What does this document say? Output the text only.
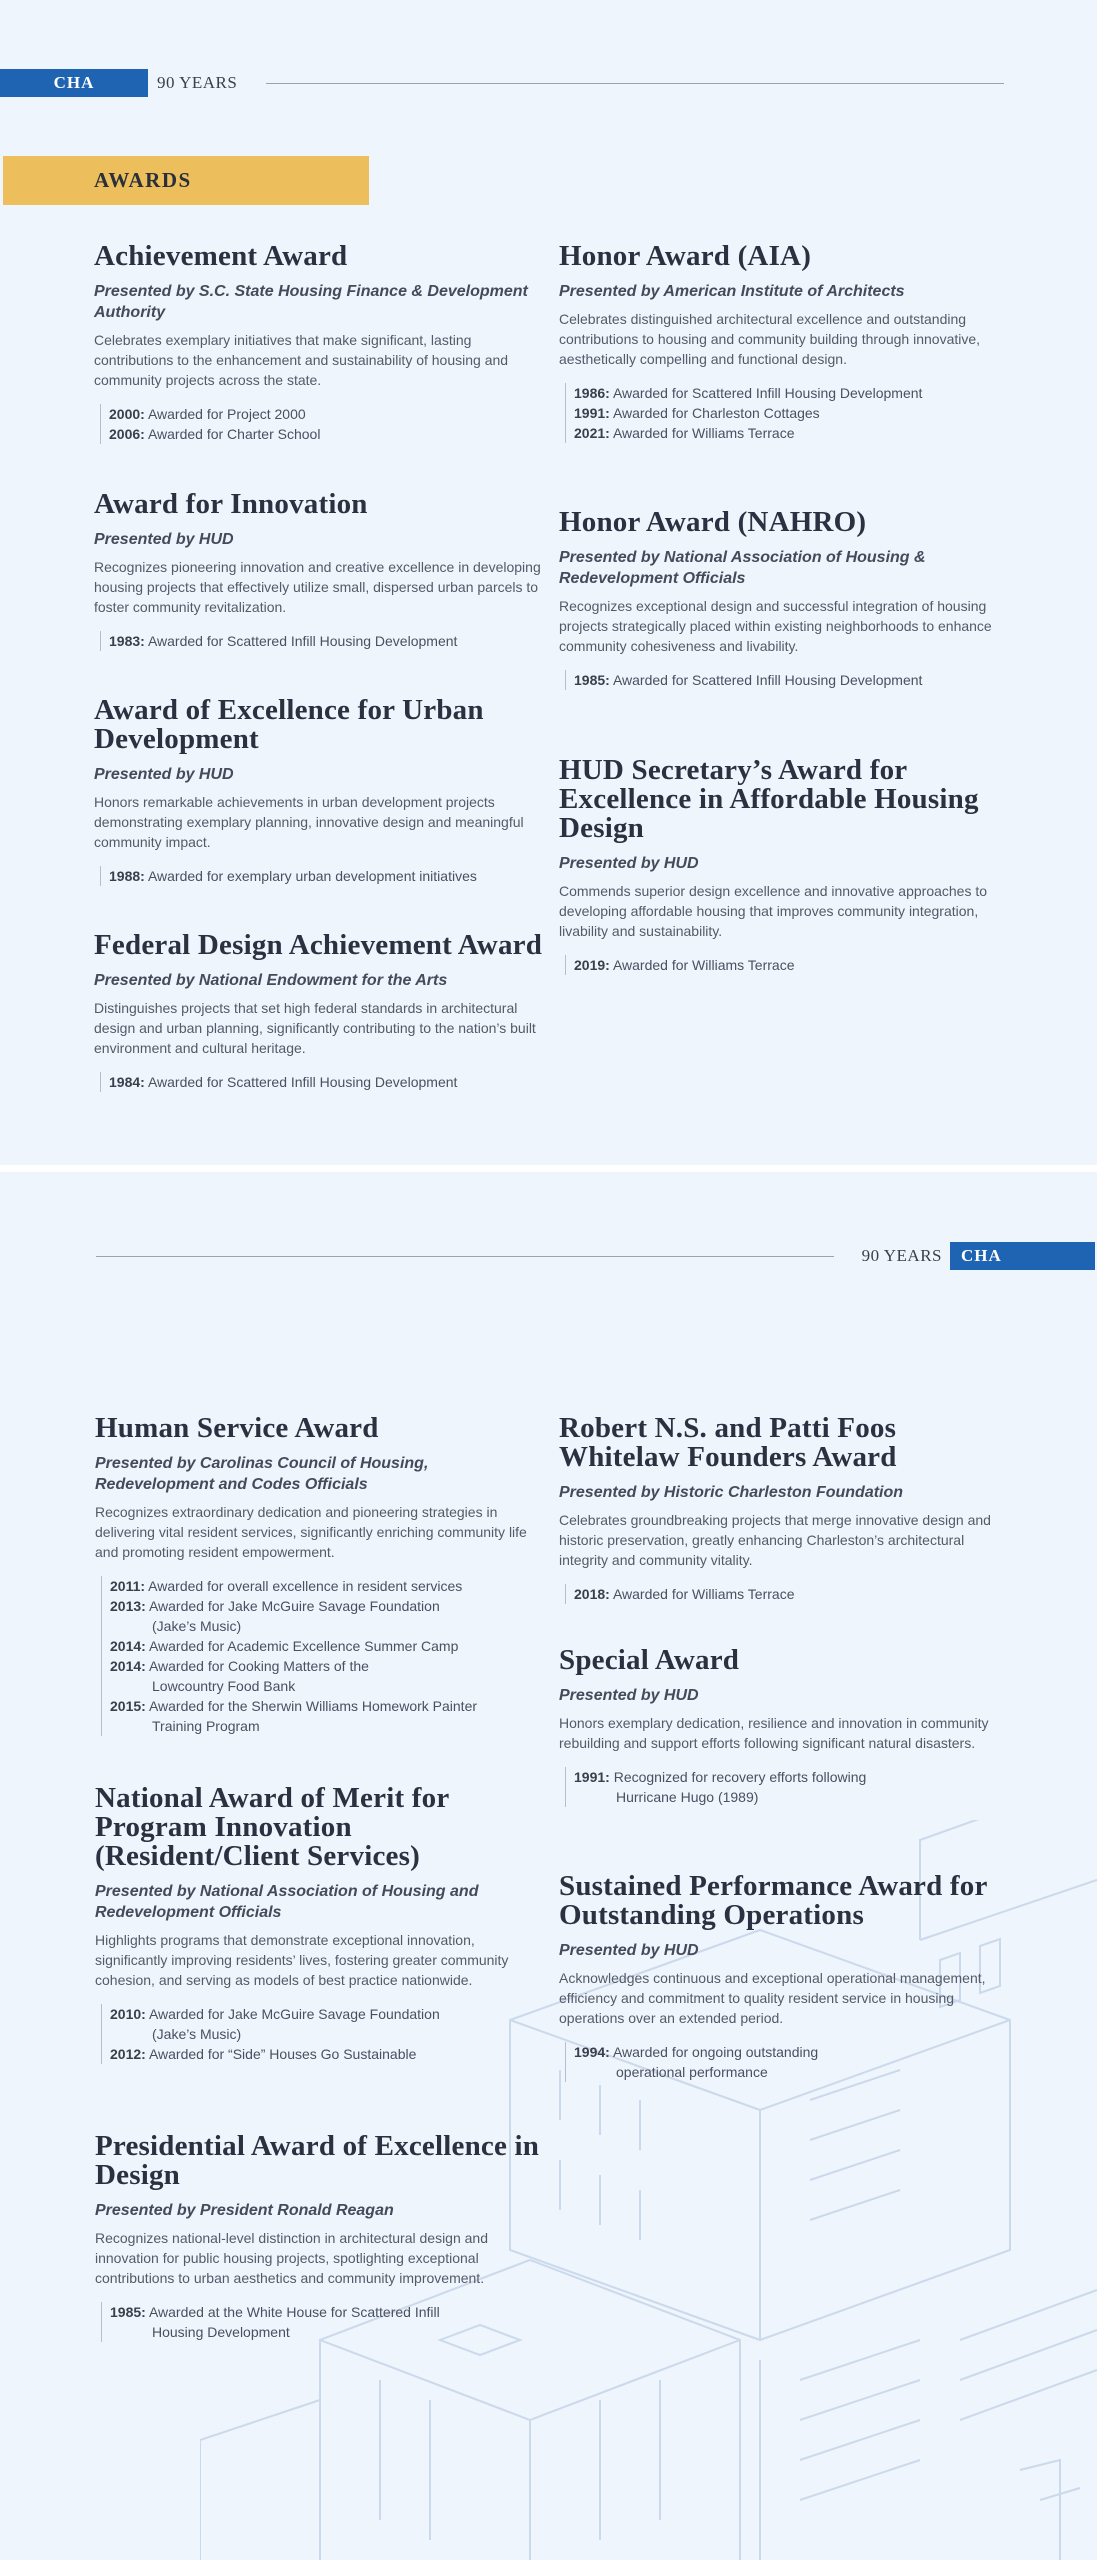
CHA	90 YEARS
AWARDS
Achievement Award
Presented by S.C. State Housing Finance & Development Authority
Celebrates exemplary initiatives that make significant, lasting contributions to the enhancement and sustainability of housing and community projects across the state.
2000: Awarded for Project 2000
2006: Awarded for Charter School
Award for Innovation
Presented by HUD
Recognizes pioneering innovation and creative excellence in developing housing projects that effectively utilize small, dispersed urban parcels to foster community revitalization.
1983: Awarded for Scattered Infill Housing Development
Award of Excellence for Urban Development
Presented by HUD
Honors remarkable achievements in urban development projects demonstrating exemplary planning, innovative design and meaningful community impact.
1988: Awarded for exemplary urban development initiatives
Federal Design Achievement Award
Presented by National Endowment for the Arts
Distinguishes projects that set high federal standards in architectural design and urban planning, significantly contributing to the nation’s built environment and cultural heritage.
1984: Awarded for Scattered Infill Housing Development
Honor Award (AIA)
Presented by American Institute of Architects
Celebrates distinguished architectural excellence and outstanding contributions to housing and community building through innovative, aesthetically compelling and functional design.
1986: Awarded for Scattered Infill Housing Development
1991: Awarded for Charleston Cottages
2021: Awarded for Williams Terrace
Honor Award (NAHRO)
Presented by National Association of Housing & Redevelopment Officials
Recognizes exceptional design and successful integration of housing projects strategically placed within existing neighborhoods to enhance community cohesiveness and livability.
1985: Awarded for Scattered Infill Housing Development
HUD Secretary’s Award for Excellence in Affordable Housing Design
Presented by HUD
Commends superior design excellence and innovative approaches to developing affordable housing that improves community integration, livability and sustainability.
2019: Awarded for Williams Terrace
90 YEARS	CHA
Human Service Award
Presented by Carolinas Council of Housing, Redevelopment and Codes Officials
Recognizes extraordinary dedication and pioneering strategies in delivering vital resident services, significantly enriching community life and promoting resident empowerment.
2011: Awarded for overall excellence in resident services
2013: Awarded for Jake McGuire Savage Foundation
(Jake’s Music)
2014: Awarded for Academic Excellence Summer Camp
2014: Awarded for Cooking Matters of the
Lowcountry Food Bank
2015: Awarded for the Sherwin Williams Homework Painter
Training Program
National Award of Merit for Program Innovation (Resident/Client Services)
Presented by National Association of Housing and Redevelopment Officials
Highlights programs that demonstrate exceptional innovation, significantly improving residents’ lives, fostering greater community cohesion, and serving as models of best practice nationwide.
2010: Awarded for Jake McGuire Savage Foundation
(Jake’s Music)
2012: Awarded for “Side” Houses Go Sustainable
Presidential Award of Excellence in Design
Presented by President Ronald Reagan
Recognizes national-level distinction in architectural design and innovation for public housing projects, spotlighting exceptional contributions to urban aesthetics and community improvement.
1985: Awarded at the White House for Scattered Infill
Housing Development
Robert N.S. and Patti Foos Whitelaw Founders Award
Presented by Historic Charleston Foundation
Celebrates groundbreaking projects that merge innovative design and historic preservation, greatly enhancing Charleston’s architectural integrity and community vitality.
2018: Awarded for Williams Terrace
Special Award
Presented by HUD
Honors exemplary dedication, resilience and innovation in community rebuilding and support efforts following significant natural disasters.
1991: Recognized for recovery efforts following
Hurricane Hugo (1989)
Sustained Performance Award for Outstanding Operations
Presented by HUD
Acknowledges continuous and exceptional operational management, efficiency and commitment to quality resident service in housing operations over an extended period.
1994: Awarded for ongoing outstanding
operational performance
